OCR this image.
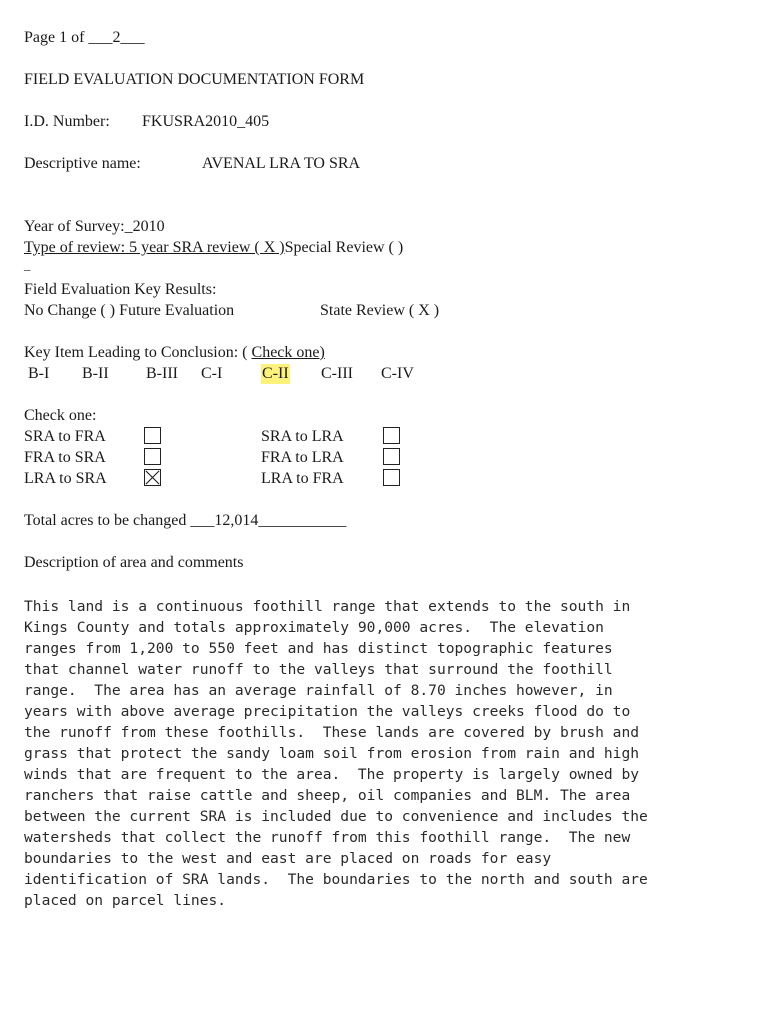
Page 1 of ___2___
FIELD EVALUATION DOCUMENTATION FORM
I.D. Number: FKUSRA2010_405
Descriptive name:	AVENAL LRA TO SRA
Year of Survey:_2010
Type of review: 5 year SRA review ( X )Special Review ( )
_
Field Evaluation Key Results:
No Change ( ) Future Evaluation	State Review ( X )
Key Item Leading to Conclusion: ( Check one)
B-I B-II B-III C-I C-II C-III C-IV
Check one:
SRA to FRA
FRA to SRA
LRA to SRA
SRA to LRA
FRA to LRA
LRA to FRA
Total acres to be changed ___12,014___________
Description of area and comments
This land is a continuous foothill range that extends to the south in
Kings County and totals approximately 90,000 acres.  The elevation
ranges from 1,200 to 550 feet and has distinct topographic features
that channel water runoff to the valleys that surround the foothill
range.  The area has an average rainfall of 8.70 inches however, in
years with above average precipitation the valleys creeks flood do to
the runoff from these foothills.  These lands are covered by brush and
grass that protect the sandy loam soil from erosion from rain and high
winds that are frequent to the area.  The property is largely owned by
ranchers that raise cattle and sheep, oil companies and BLM. The area
between the current SRA is included due to convenience and includes the
watersheds that collect the runoff from this foothill range.  The new
boundaries to the west and east are placed on roads for easy
identification of SRA lands.  The boundaries to the north and south are
placed on parcel lines.
